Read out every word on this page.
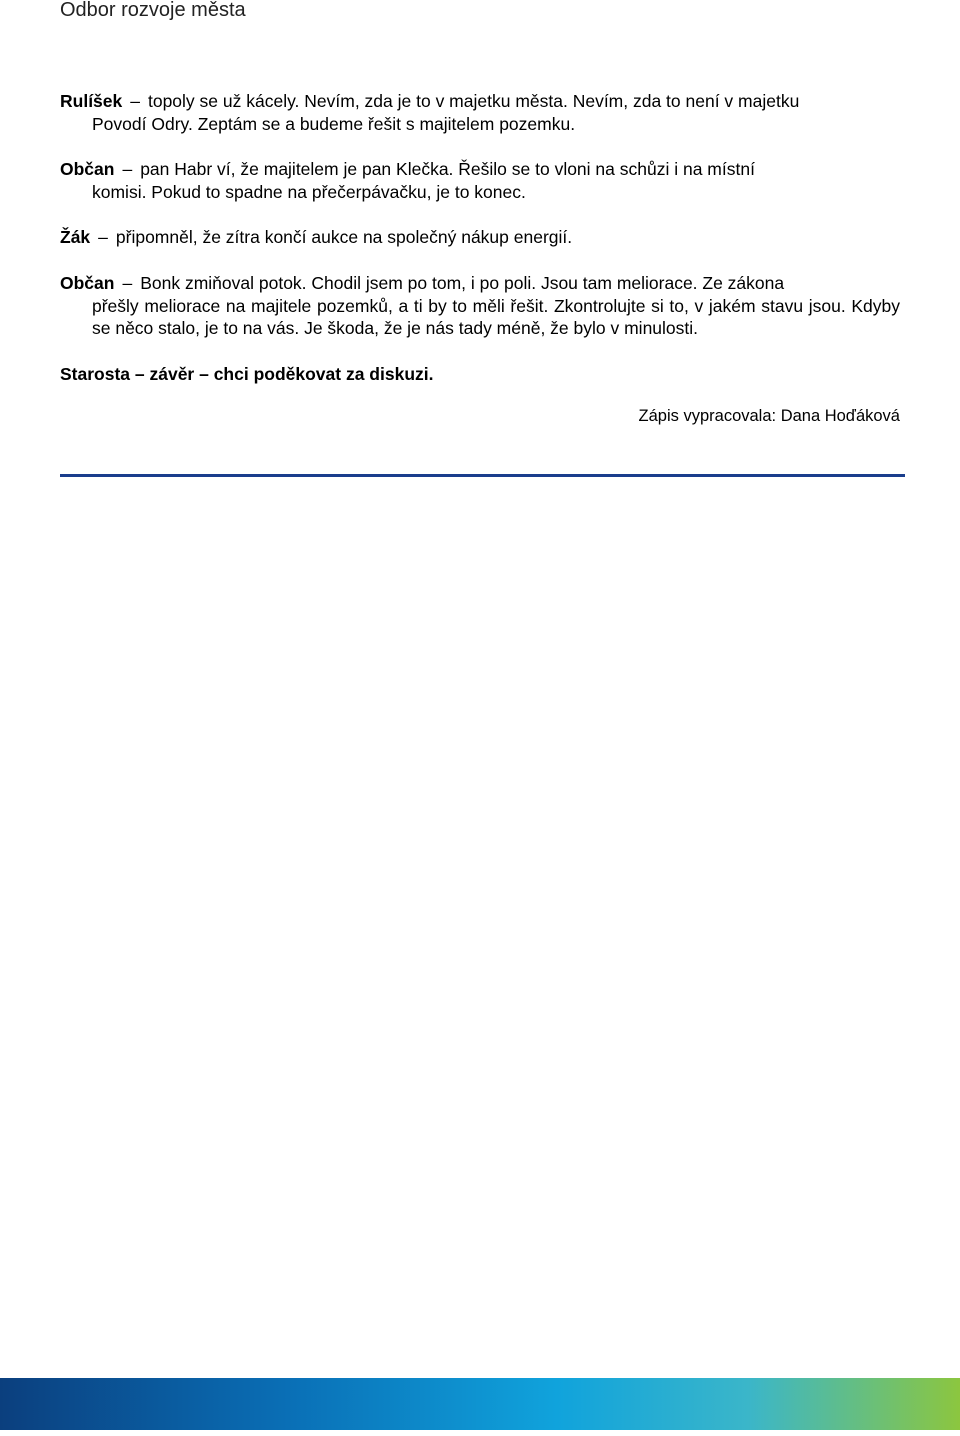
Odbor rozvoje města
Rulíšek – topoly se už kácely. Nevím, zda je to v majetku města. Nevím, zda to není v majetku
Povodí Odry. Zeptám se a budeme řešit s majitelem pozemku.
Občan – pan Habr ví, že majitelem je pan Klečka. Řešilo se to vloni na schůzi i na místní
komisi. Pokud to spadne na přečerpávačku, je to konec.
Žák – připomněl, že zítra končí aukce na společný nákup energií.
Občan – Bonk zmiňoval potok. Chodil jsem po tom, i po poli. Jsou tam meliorace. Ze zákona
přešly meliorace na majitele pozemků, a ti by to měli řešit. Zkontrolujte si to, v jakém stavu jsou. Kdyby se něco stalo, je to na vás. Je škoda, že je nás tady méně, že bylo v minulosti.
Starosta – závěr – chci poděkovat za diskuzi.
Zápis vypracovala: Dana Hoďáková
